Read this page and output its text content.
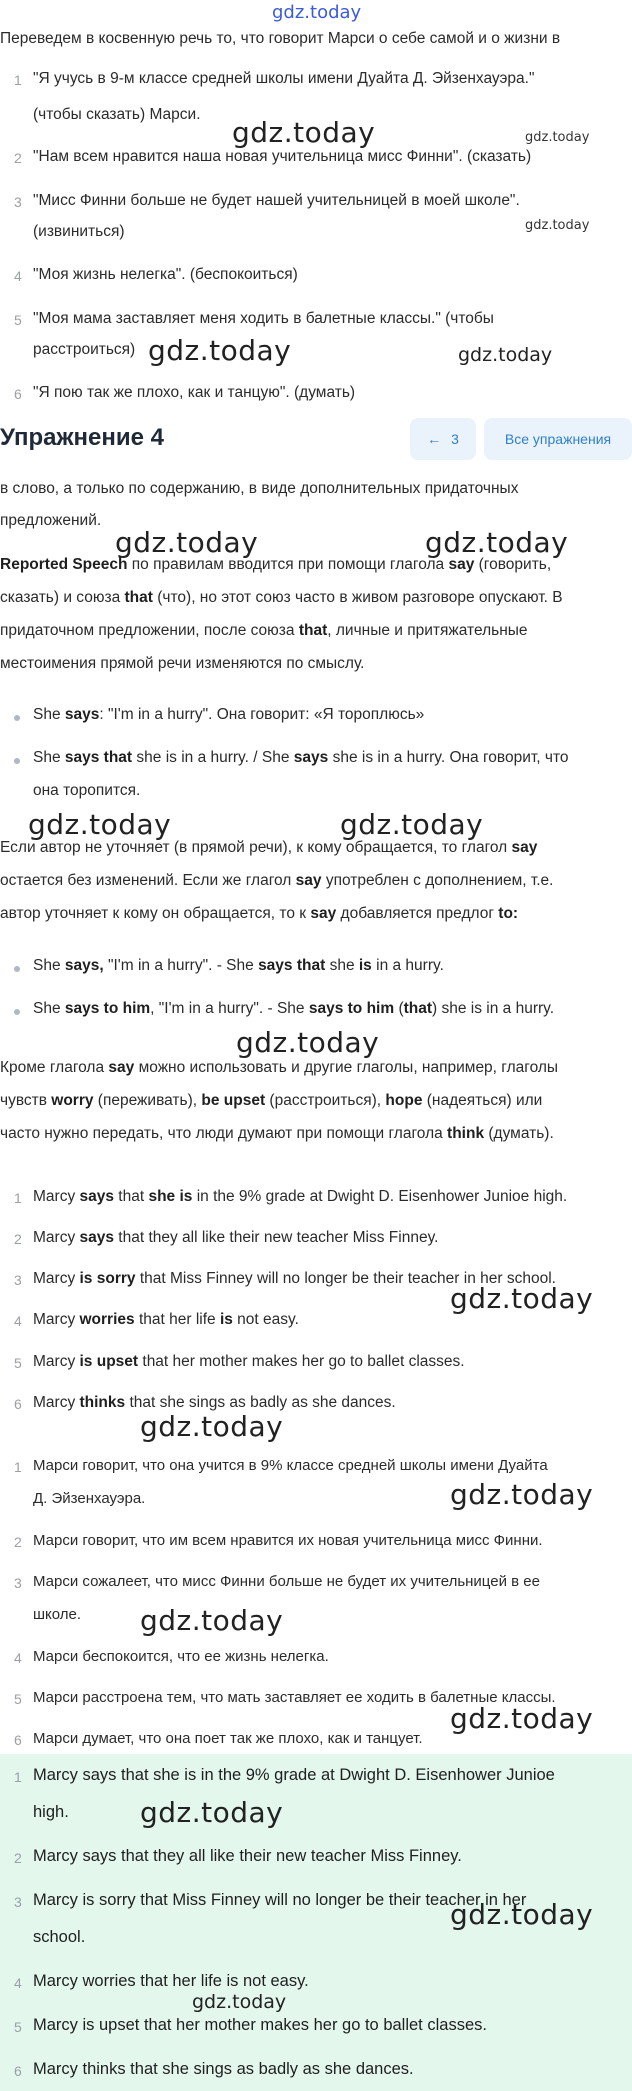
gdz.today
Переведем в косвенную речь то, что говорит Марси о себе самой и о жизни в
1 "Я учусь в 9-м классе средней школы имени Дуайта Д. Эйзенхауэра."
(чтобы сказать) Марси.
2 "Нам всем нравится наша новая учительница мисс Финни". (сказать)
3 "Мисс Финни больше не будет нашей учительницей в моей школе".
(извиниться)
4 "Моя жизнь нелегка". (беспокоиться)
5 "Моя мама заставляет меня ходить в балетные классы." (чтобы
расстроиться)
6 "Я пою так же плохо, как и танцую". (думать)
Упражнение 4	← 3	Все упражнения
в слово, а только по содержанию, в виде дополнительных придаточных
предложений.
Reported Speech по правилам вводится при помощи глагола say (говорить,
сказать) и союза that (что), но этот союз часто в живом разговоре опускают. В
придаточном предложении, после союза that, личные и притяжательные
местоимения прямой речи изменяются по смыслу.
She says: "I'm in a hurry". Она говорит: «Я тороплюсь»
She says that she is in a hurry. / She says she is in a hurry. Она говорит, что
она торопится.
Если автор не уточняет (в прямой речи), к кому обращается, то глагол say
остается без изменений. Если же глагол say употреблен с дополнением, т.е.
автор уточняет к кому он обращается, то к say добавляется предлог to:
She says, "I'm in a hurry". - She says that she is in a hurry.
She says to him, "I'm in a hurry". - She says to him (that) she is in a hurry.
Кроме глагола say можно использовать и другие глаголы, например, глаголы
чувств worry (переживать), be upset (расстроиться), hope (надеяться) или
часто нужно передать, что люди думают при помощи глагола think (думать).
1 Marcy says that she is in the 9% grade at Dwight D. Eisenhower Junioe high.
2 Marcy says that they all like their new teacher Miss Finney.
3 Marcy is sorry that Miss Finney will no longer be their teacher in her school.
4 Marcy worries that her life is not easy.
5 Marcy is upset that her mother makes her go to ballet classes.
6 Marcy thinks that she sings as badly as she dances.
1 Марси говорит, что она учится в 9% классе средней школы имени Дуайта
Д. Эйзенхауэра.
2 Марси говорит, что им всем нравится их новая учительница мисс Финни.
3 Марси сожалеет, что мисс Финни больше не будет их учительницей в ее
школе.
4 Марси беспокоится, что ее жизнь нелегка.
5 Марси расстроена тем, что мать заставляет ее ходить в балетные классы.
6 Марси думает, что она поет так же плохо, как и танцует.
1 Marcy says that she is in the 9% grade at Dwight D. Eisenhower Junioe
high.
2 Marcy says that they all like their new teacher Miss Finney.
3 Marcy is sorry that Miss Finney will no longer be their teacher in her
school.
4 Marcy worries that her life is not easy.
5 Marcy is upset that her mother makes her go to ballet classes.
6 Marcy thinks that she sings as badly as she dances.
gdz.today	gdz.today
gdz.today
gdz.today	gdz.today
gdz.today	gdz.today
gdz.today	gdz.today
gdz.today
gdz.today
gdz.today
gdz.today
gdz.today
gdz.today
gdz.today
gdz.today
gdz.today
